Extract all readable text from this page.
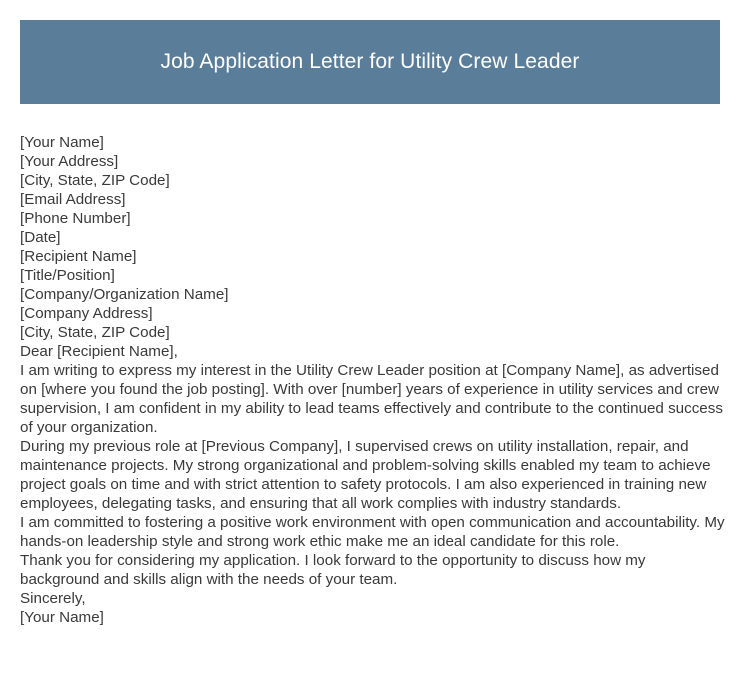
Job Application Letter for Utility Crew Leader
[Your Name]
[Your Address]
[City, State, ZIP Code]
[Email Address]
[Phone Number]
[Date]
[Recipient Name]
[Title/Position]
[Company/Organization Name]
[Company Address]
[City, State, ZIP Code]
Dear [Recipient Name],

I am writing to express my interest in the Utility Crew Leader position at [Company Name], as advertised on [where you found the job posting]. With over [number] years of experience in utility services and crew supervision, I am confident in my ability to lead teams effectively and contribute to the continued success of your organization.

During my previous role at [Previous Company], I supervised crews on utility installation, repair, and maintenance projects. My strong organizational and problem-solving skills enabled my team to achieve project goals on time and with strict attention to safety protocols. I am also experienced in training new employees, delegating tasks, and ensuring that all work complies with industry standards.

I am committed to fostering a positive work environment with open communication and accountability. My hands-on leadership style and strong work ethic make me an ideal candidate for this role.

Thank you for considering my application. I look forward to the opportunity to discuss how my background and skills align with the needs of your team.

Sincerely,
[Your Name]
